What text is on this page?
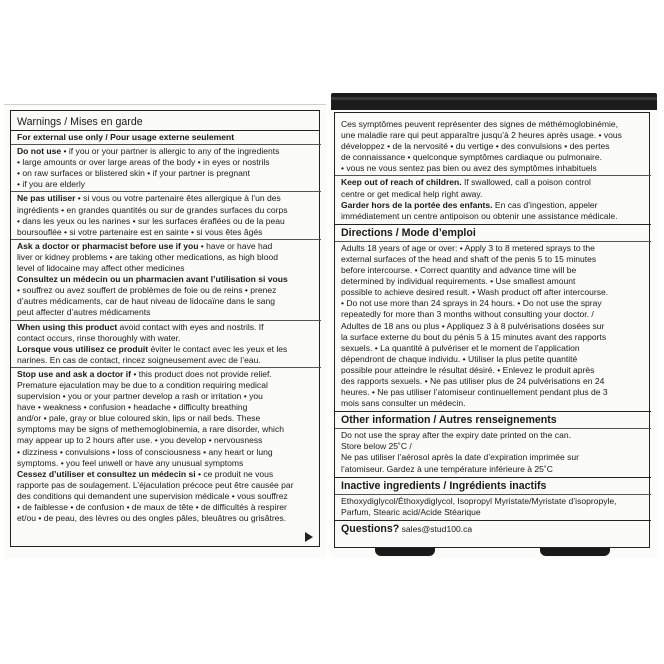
Warnings / Mises en garde

For external use only / Pour usage externe seulement

Do not use • if you or your partner is allergic to any of the ingredients

• large amounts or over large areas of the body • in eyes or nostrils

• on raw surfaces or blistered skin • if your partner is pregnant

• if you are elderly

Ne pas utiliser • si vous ou votre partenaire êtes allergique à l’un des

ingrédients • en grandes quantités ou sur de grandes surfaces du corps

• dans les yeux ou les narines • sur les surfaces éraflées ou de la peau

boursouflée • si votre partenaire est en sainte • si vous êtes âgés

Ask a doctor or pharmacist before use if you • have or have had

liver or kidney problems • are taking other medications, as high blood

level of lidocaine may affect other medicines

Consultez un médecin ou un pharmacien avant l’utilisation si vous

• souffrez ou avez souffert de problèmes de foie ou de reins • prenez

d’autres médicaments, car de haut niveau de lidocaïne dans le sang

peut affecter d’autres médicaments

When using this product avoid contact with eyes and nostrils. If

contact occurs, rinse thoroughly with water.

Lorsque vous utilisez ce produit éviter le contact avec les yeux et les

narines. En cas de contact, rincez soigneusement avec de l’eau.

Stop use and ask a doctor if • this product does not provide relief.

Premature ejaculation may be due to a condition requiring medical

supervision • you or your partner develop a rash or irritation • you

have • weakness • confusion • headache • difficulty breathing

and/or • pale, gray or blue coloured skin, lips or nail beds. These

symptoms may be signs of methemoglobinemia, a rare disorder, which

may appear up to 2 hours after use. • you develop • nervousness

• dizziness • convulsions • loss of consciousness • any heart or lung

symptoms. • you feel unwell or have any unusual symptoms

Cessez d’utiliser et consultez un médecin si • ce produit ne vous

rapporte pas de soulagement. L’éjaculation précoce peut être causée par

des conditions qui demandent une supervision médicale • vous souffrez

• de faiblesse • de confusion • de maux de tête • de difficultés à respirer

et/ou • de peau, des lèvres ou des ongles pâles, bleuâtres ou grisâtres.

Ces symptômes peuvent représenter des signes de méthémoglobinémie,

une maladie rare qui peut apparaître jusqu’à 2 heures après usage. • vous

développez • de la nervosité • du vertige • des convulsions • des pertes

de connaissance • quelconque symptômes cardiaque ou pulmonaire.

• vous ne vous sentez pas bien ou avez des symptômes inhabituels

Keep out of reach of children. If swallowed, call a poison control

centre or get medical help right away.

Garder hors de la portée des enfants. En cas d’ingestion, appeler

immédiatement un centre antipoison ou obtenir une assistance médicale.

Directions / Mode d’emploi

Adults 18 years of age or over: • Apply 3 to 8 metered sprays to the

external surfaces of the head and shaft of the penis 5 to 15 minutes

before intercourse. • Correct quantity and advance time will be

determined by individual requirements. • Use smallest amount

possible to achieve desired result. • Wash product off after intercourse.

• Do not use more than 24 sprays in 24 hours. • Do not use the spray

repeatedly for more than 3 months without consulting your doctor. /

Adultes de 18 ans ou plus • Appliquez 3 à 8 pulvérisations dosées sur

la surface externe du bout du pénis 5 à 15 minutes avant des rapports

sexuels. • La quantité à pulvériser et le moment de l’application

dépendront de chaque individu. • Utiliser la plus petite quantité

possible pour atteindre le résultat désiré. • Enlevez le produit après

des rapports sexuels. • Ne pas utiliser plus de 24 pulvérisations en 24

heures. • Ne pas utiliser l’atomiseur continuellement pendant plus de 3

mois sans consulter un médecin.

Other information / Autres renseignements

Do not use the spray after the expiry date printed on the can.

Store below 25˚C /

Ne pas utiliser l’aérosol après la date d’expiration imprimée sur

l’atomiseur. Gardez à une température inférieure à 25˚C

Inactive ingredients / Ingrédients inactifs

Ethoxydiglycol/Éthoxydiglycol, Isopropyl Myristate/Myristate d’isopropyle,

Parfum, Stearic acid/Acide Stéarique

Questions? sales@stud100.ca
